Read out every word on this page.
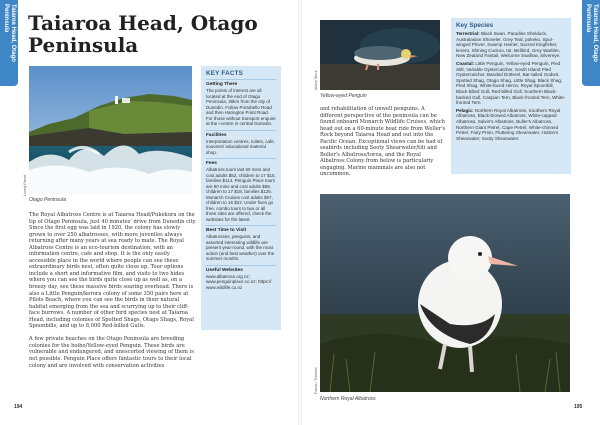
Taiaroa Head, Otago Peninsula Taiaroa Head, Otago Peninsula
Lonely Planet
Otago Peninsula

The Royal Albatross Centre is at Taiaroa Head/Pukekura on the tip of Otago Peninsula, just 40 minutes' drive from Dunedin city. Since the first egg was laid in 1920, the colony has slowly grown to over 250 albatrosses, with more juveniles always returning after many years at sea ready to mate. The Royal Albatross Centre is an eco-tourism destination, with an information centre, cafe and shop. It is the only easily accessible place in the world where people can see these extraordinary birds nest, often quite close up. Tour options include a short and informative film, and visits to two hides where you can see the birds quite close up as well as, on a breezy day, see these massive birds soaring overhead. There is also a Little Penguin/korora colony of some 350 pairs here at Pilots Beach, where you can see the birds in their natural habitat emerging from the sea and scurrying up to their cliff-face burrows. A number of other bird species nest at Taiaroa Head, including colonies of Spotted Shags, Otago Shags, Royal Spoonbills, and up to 8,000 Red-billed Gulls.

A few private beaches on the Otago Peninsula are breeding colonies for the hoiho/Yellow-eyed Penguin. These birds are vulnerable and endangered, and unescorted viewing of them is not possible. Penguin Place offers fantastic tours to their local colony and are involved with conservation activities

KEY FACTS
Getting There
The points of interest are all located at the end of Otago Peninsula, 30km from the city of Dunedin. Follow Portobello Road and then Harington Point Road. For those without transport enquire at the i-centre in central Dunedin.
Facilities
Interpretation centres, toilets, cafe, souvenir/ educational material shop.
Fees
Albatross tours last 60 mins and cost adults $52, children to 17 $15, families $114. Penguin Place tours are 90 mins and cost adults $58, children to 17 $18, families $125. Monarch Cruises cost adults $57, children to 16 $22. Under fives go free, combo tours to two or all three sites are offered, check the websites for the latest.
Best Time to Visit
Albatrosses, penguins, and assorted interesting wildlife are present year-round, with the most action (and best weather) over the summer months.
Useful Websites
www.albatross.org.nz; www.penguinplace.co.nz; https:// www.wildlife.co.nz
194
Taiaroa Head, Otago Peninsula
Alamy Stock
Yellow-eyed Penguin

and rehabilitation of unwell penguins. A different perspective of the peninsula can be found onboard Monarch Wildlife Cruises, which head out on a 60-minute boat ride from Weller's Rock beyond Taiaroa Head and out into the Pacific Ocean. Exceptional views can be had of seabirds including Sooty Shearwater/titi and Buller's Albatross/toroa, and the Royal Albatross Colony from below is particularly engaging. Marine mammals are also not uncommon.

Key Species
Terrestrial: Black Swan, Paradise Shelduck, Australasian Shoveler, Grey Teal, pūkeko, Spur-winged Plover, Swamp Harrier, Sacred Kingfisher, kererū, Shining Cuckoo, tūī, Bellbird, Grey Warbler, New Zealand Fantail, Welcome Swallow, Silvereye.
Coastal: Little Penguin, Yellow-eyed Penguin, Pied Stilt, Variable Oystercatcher, South Island Pied Oystercatcher, Banded Dotterel, Bar-tailed Godwit, Spotted Shag, Otago Shag, Little Shag, Black Shag, Pied Shag, White-faced Heron, Royal Spoonbill, Black-billed Gull, Red-billed Gull, Southern Black-backed Gull, Caspian Tern, Black-fronted Tern, White-fronted Tern.
Pelagic: Northern Royal Albatross, Southern Royal Albatross, Black-browed Albatross, White-capped Albatross, Salvin's Albatross, Buller's Albatross, Northern Giant Petrel, Cape Petrel, White-chinned Petrel, Fairy Prion, Fluttering Shearwater, Hutton's Shearwater, Sooty Shearwater.
Fotolia / Traveller
Northern Royal Albatross
195
